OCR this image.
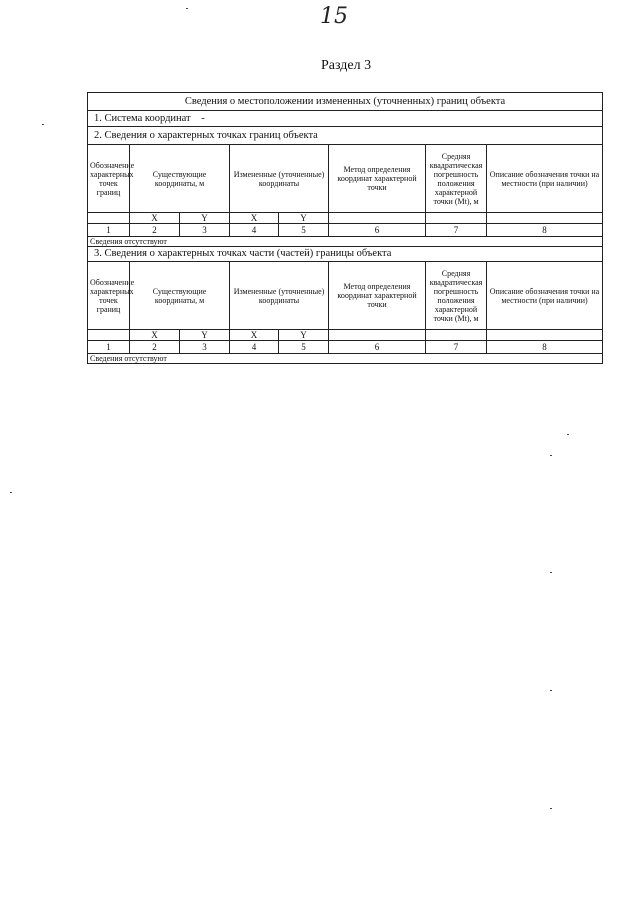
15
Раздел 3
Сведения о местоположении измененных (уточненных) границ объекта							
1. Система координат -							
2. Сведения о характерных точках границ объекта							
Обозначение характерных точек границ	Существующие координаты, м		Измененные (уточненные) координаты		Метод определения координат характерной точки	Средняя квадратическая погрешность положения характерной точки (Mt), м	Описание обозначения точки на местности (при наличии)
	X	Y	X	Y			
1	2	3	4	5	6	7	8
Сведения отсутствуют							
3. Сведения о характерных точках части (частей) границы объекта							
Обозначение характерных точек границ	Существующие координаты, м		Измененные (уточненные) координаты		Метод определения координат характерной точки	Средняя квадратическая погрешность положения характерной точки (Mt), м	Описание обозначения точки на местности (при наличии)
	X	Y	X	Y			
1	2	3	4	5	6	7	8
Сведения отсутствуют							
